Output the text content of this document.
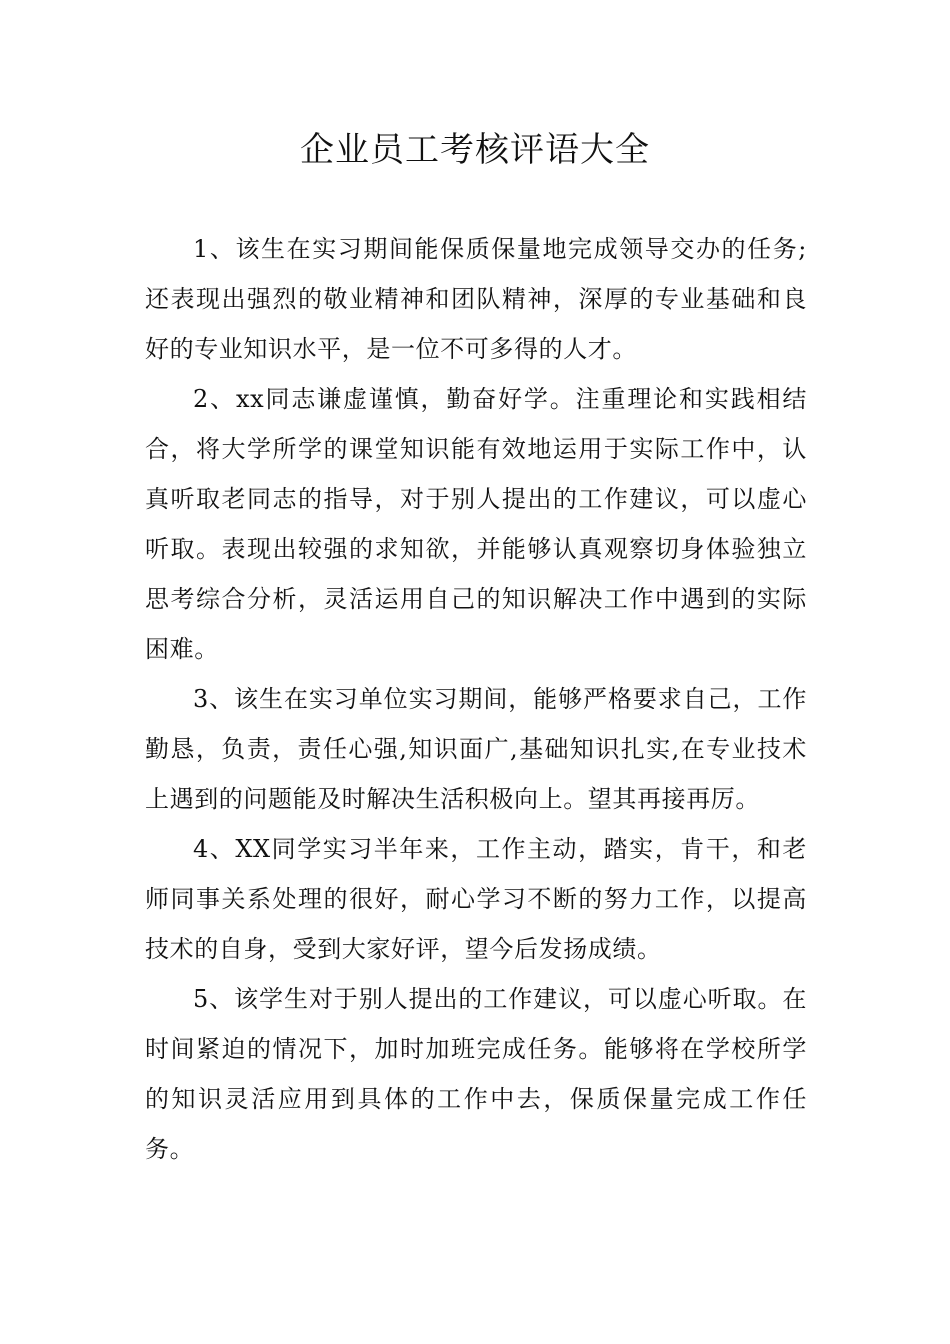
企业员工考核评语大全

1、该生在实习期间能保质保量地完成领导交办的任务;还表现出强烈的敬业精神和团队精神，深厚的专业基础和良好的专业知识水平，是一位不可多得的人才。

2、xx同志谦虚谨慎，勤奋好学。注重理论和实践相结合，将大学所学的课堂知识能有效地运用于实际工作中，认真听取老同志的指导，对于别人提出的工作建议，可以虚心听取。表现出较强的求知欲，并能够认真观察切身体验独立思考综合分析，灵活运用自己的知识解决工作中遇到的实际困难。

3、该生在实习单位实习期间，能够严格要求自己，工作勤恳，负责，责任心强,知识面广,基础知识扎实,在专业技术上遇到的问题能及时解决生活积极向上。望其再接再厉。

4、XX同学实习半年来，工作主动，踏实，肯干，和老师同事关系处理的很好，耐心学习不断的努力工作，以提高技术的自身，受到大家好评，望今后发扬成绩。

5、该学生对于别人提出的工作建议，可以虚心听取。在时间紧迫的情况下，加时加班完成任务。能够将在学校所学的知识灵活应用到具体的工作中去，保质保量完成工作任务。
